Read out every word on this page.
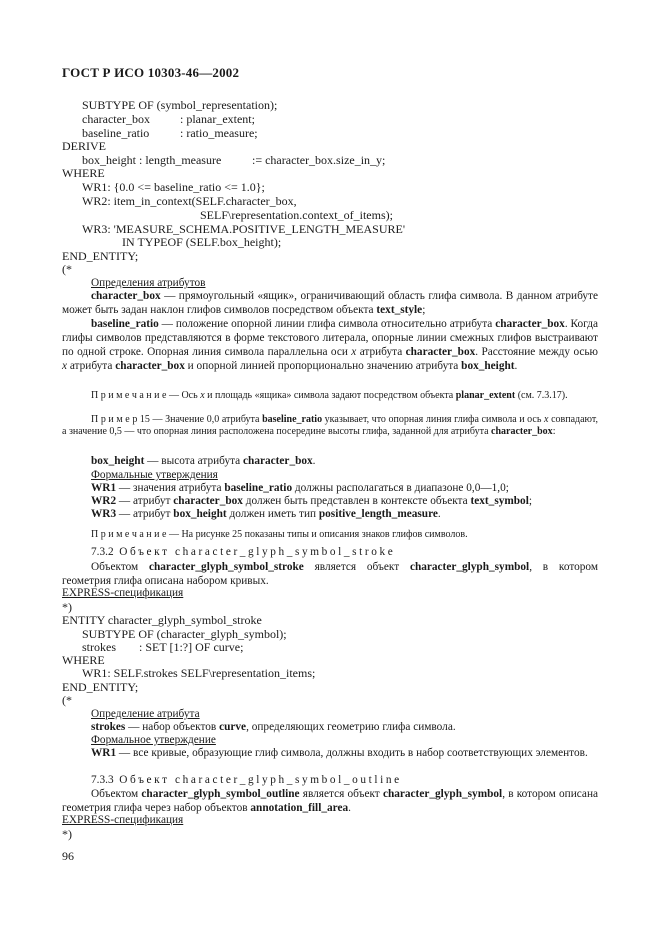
ГОСТ Р ИСО 10303-46—2002
SUBTYPE OF (symbol_representation);
character_box	: planar_extent;
baseline_ratio	: ratio_measure;
DERIVE
box_height : length_measure	:= character_box.size_in_y;
WHERE
WR1: {0.0 <= baseline_ratio <= 1.0};
WR2: item_in_context(SELF.character_box,
SELF\representation.context_of_items);
WR3: 'MEASURE_SCHEMA.POSITIVE_LENGTH_MEASURE'
IN TYPEOF (SELF.box_height);
END_ENTITY;
(*
Определения атрибутов
character_box — прямоугольный «ящик», ограничивающий область глифа символа. В данном атрибуте может быть задан наклон глифов символов посредством объекта text_style;
baseline_ratio — положение опорной линии глифа символа относительно атрибута character_box. Когда глифы символов представляются в форме текстового литерала, опорные линии смежных глифов выстраивают по одной строке. Опорная линия символа параллельна оси x атрибута character_box. Расстояние между осью x атрибута character_box и опорной линией пропорционально значению атрибута box_height.
П р и м е ч а н и е — Ось x и площадь «ящика» символа задают посредством объекта planar_extent (см. 7.3.17).
П р и м е р 15 — Значение 0,0 атрибута baseline_ratio указывает, что опорная линия глифа символа и ось x совпадают, а значение 0,5 — что опорная линия расположена посередине высоты глифа, заданной для атрибута character_box:
box_height — высота атрибута character_box.
Формальные утверждения
WR1 — значения атрибута baseline_ratio должны располагаться в диапазоне 0,0—1,0;
WR2 — атрибут character_box должен быть представлен в контексте объекта text_symbol;
WR3 — атрибут box_height должен иметь тип positive_length_measure.
П р и м е ч а н и е — На рисунке 25 показаны типы и описания знаков глифов символов.
7.3.2 Объект character_glyph_symbol_stroke
Объектом character_glyph_symbol_stroke является объект character_glyph_symbol, в котором геометрия глифа описана набором кривых.
EXPRESS-спецификация
*)
ENTITY character_glyph_symbol_stroke
SUBTYPE OF (character_glyph_symbol);
strokes : SET [1:?] OF curve;
WHERE
WR1: SELF.strokes SELF\representation_items;
END_ENTITY;
(*
Определение атрибута
strokes — набор объектов curve, определяющих геометрию глифа символа.
Формальное утверждение
WR1 — все кривые, образующие глиф символа, должны входить в набор соответствующих элементов.
7.3.3 Объект character_glyph_symbol_outline
Объектом character_glyph_symbol_outline является объект character_glyph_symbol, в котором описана геометрия глифа через набор объектов annotation_fill_area.
EXPRESS-спецификация
*)
96
